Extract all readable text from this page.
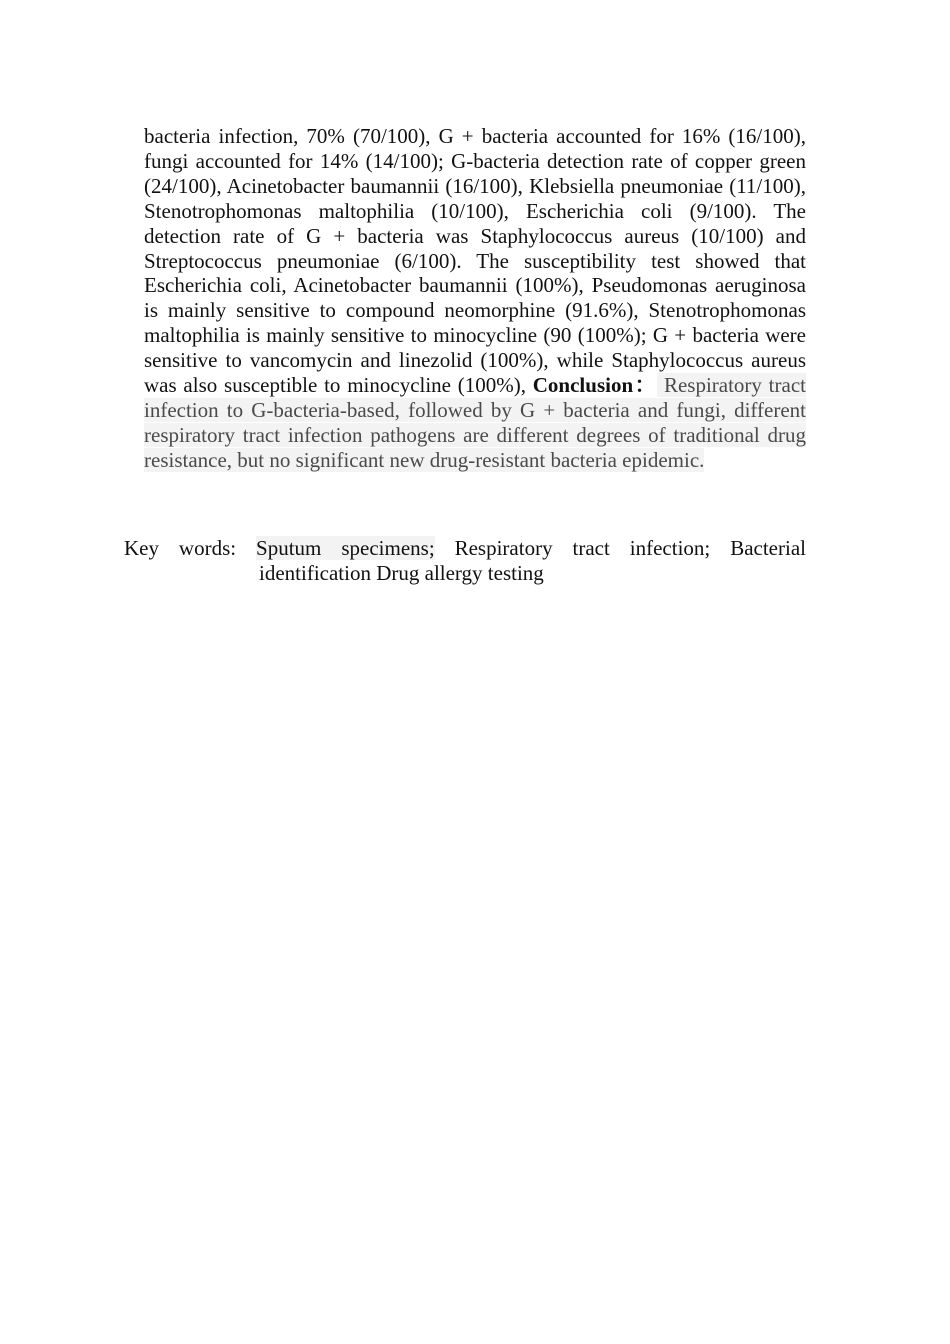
bacteria infection, 70% (70/100), G + bacteria accounted for 16% (16/100), fungi accounted for 14% (14/100); G-bacteria detection rate of copper green (24/100), Acinetobacter baumannii (16/100), Klebsiella pneumoniae (11/100), Stenotrophomonas maltophilia (10/100), Escherichia coli (9/100). The detection rate of G + bacteria was Staphylococcus aureus (10/100) and Streptococcus pneumoniae (6/100). The susceptibility test showed that Escherichia coli, Acinetobacter baumannii (100%), Pseudomonas aeruginosa is mainly sensitive to compound neomorphine (91.6%), Stenotrophomonas maltophilia is mainly sensitive to minocycline (90 (100%); G + bacteria were sensitive to vancomycin and linezolid (100%), while Staphylococcus aureus was also susceptible to minocycline (100%), Conclusion： Respiratory tract infection to G-bacteria-based, followed by G + bacteria and fungi, different respiratory tract infection pathogens are different degrees of traditional drug resistance, but no significant new drug-resistant bacteria epidemic.

Key words: Sputum specimens; Respiratory tract infection; Bacterial identification Drug allergy testing
